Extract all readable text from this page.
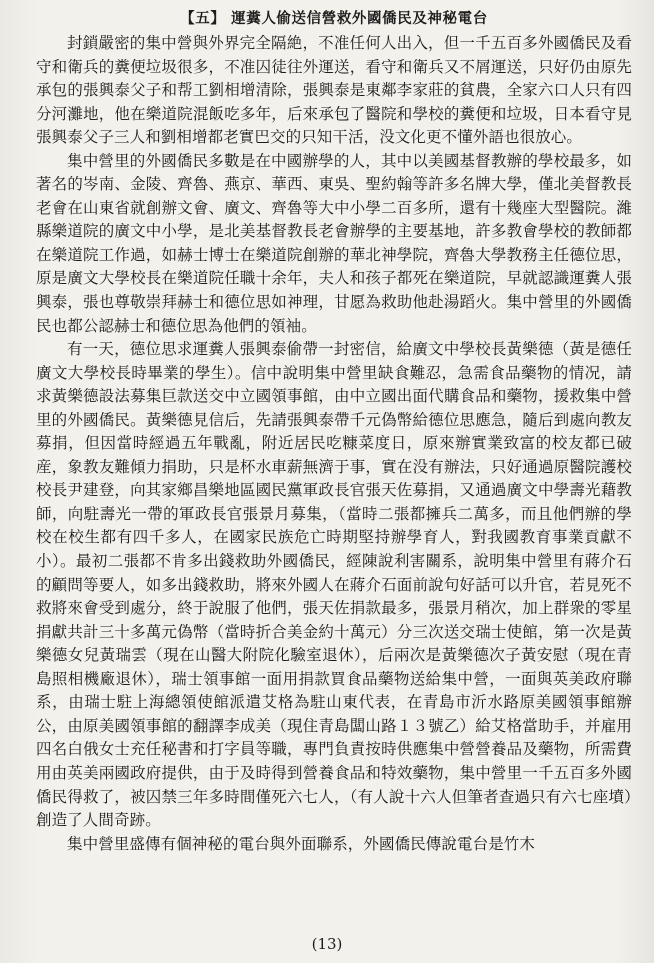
【五】 運糞人偷送信營救外國僑民及神秘電台

封鎖嚴密的集中營與外界完全隔絶，不准任何人出入，但一千五百多外國僑民及看守和衛兵的糞便垃圾很多，不准囚徒往外運送，看守和衛兵又不屑運送，只好仍由原先承包的張興泰父子和帮工劉相增清除，張興泰是東鄰李家莊的貧農，全家六口人只有四分河灘地，他在樂道院混飯吃多年，后來承包了醫院和學校的糞便和垃圾，日本看守見張興泰父子三人和劉相增都老實巴交的只知干活，没文化更不懂外語也很放心。

集中營里的外國僑民多數是在中國辦學的人，其中以美國基督教辦的學校最多，如著名的岑南、金陵、齊魯、燕京、華西、東吳、聖約翰等許多名牌大學，僅北美督教長老會在山東省就創辦文會、廣文、齊魯等大中小學二百多所，還有十幾座大型醫院。濰縣樂道院的廣文中小學，是北美基督教長老會辦學的主要基地，許多教會學校的教師都在樂道院工作過，如赫士博士在樂道院創辦的華北神學院，齊魯大學教務主任德位思，原是廣文大學校長在樂道院任職十余年，夫人和孩子都死在樂道院，早就認識運糞人張興泰，張也尊敬崇拜赫士和德位思如神理，甘愿為救助他赴湯蹈火。集中營里的外國僑民也都公認赫士和德位思為他們的領袖。

有一天，德位思求運糞人張興泰偷帶一封密信，給廣文中學校長黃樂德（黃是德任廣文大學校長時畢業的學生）。信中說明集中營里缺食難忍，急需食品藥物的情况，請求黃樂德設法募集巨款送交中立國領事館，由中立國出面代購食品和藥物，援救集中營里的外國僑民。黃樂德見信后，先請張興泰帶千元偽幣給德位思應急，隨后到處向教友募捐，但因當時經過五年戰亂，附近居民吃糠菜度日，原來辦實業致富的校友都已破産，象教友難傾力捐助，只是杯水車薪無濟于事，實在没有辦法，只好通過原醫院護校校長尹建登，向其家鄉昌樂地區國民黨軍政長官張天佐募捐，又通過廣文中學壽光藉教師，向駐壽光一帶的軍政長官張景月募集，（當時二張都擁兵二萬多，而且他們辦的學校在校生都有四千多人，在國家民族危亡時期堅持辦學育人，對我國教育事業貢獻不小）。最初二張都不肯多出錢救助外國僑民，經陳說利害關系，說明集中營里有蔣介石的顧問等要人，如多出錢救助，將來外國人在蔣介石面前說句好話可以升官，若見死不救將來會受到處分，終于說服了他們，張天佐捐款最多，張景月稍次，加上群衆的零星捐獻共計三十多萬元偽幣（當時折合美金約十萬元）分三次送交瑞士使館，第一次是黃樂德女兒黃瑞雲（現在山醫大附院化驗室退休），后兩次是黃樂德次子黃安慰（現在青島照相機廠退休），瑞士領事館一面用捐款買食品藥物送給集中營，一面與英美政府聯系，由瑞士駐上海總領使館派遣艾格為駐山東代表，在青島市沂水路原美國領事館辦公，由原美國領事館的翻譯李成美（現住青島闆山路１３號乙）給艾格當助手，并雇用四名白俄女士充任秘書和打字員等職，專門負責按時供應集中營營養品及藥物，所需費用由英美兩國政府提供，由于及時得到營養食品和特效藥物，集中營里一千五百多外國僑民得救了，被囚禁三年多時間僅死六七人，（有人說十六人但筆者查過只有六七座墳）創造了人間奇跡。

集中營里盛傳有個神秘的電台與外面聯系，外國僑民傳說電台是竹木

(13)
